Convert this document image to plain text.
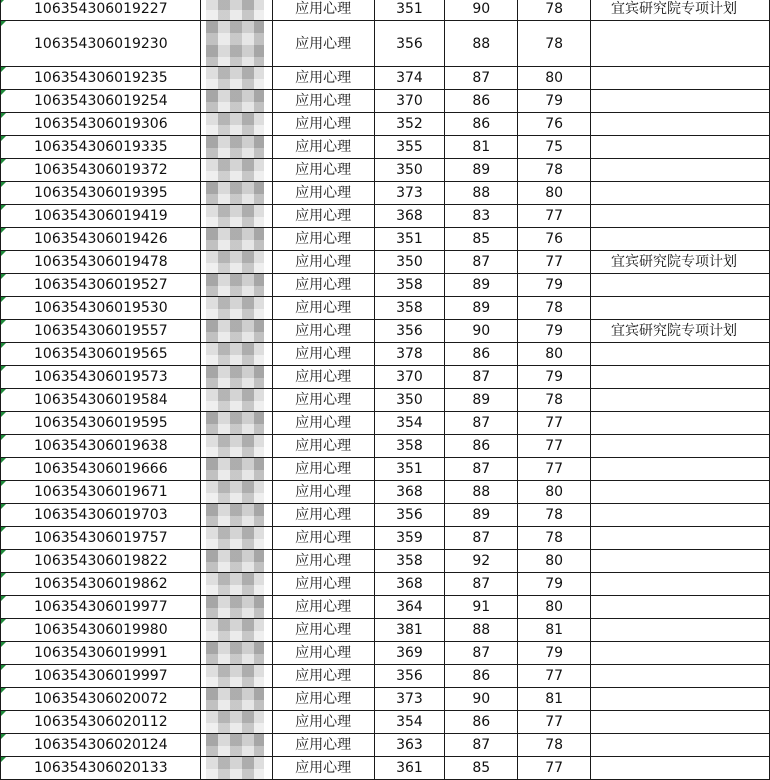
106354306019227		应用心理	351	90	78	宜宾研究院专项计划
106354306019230		应用心理	356	88	78	
106354306019235		应用心理	374	87	80	
106354306019254		应用心理	370	86	79	
106354306019306		应用心理	352	86	76	
106354306019335		应用心理	355	81	75	
106354306019372		应用心理	350	89	78	
106354306019395		应用心理	373	88	80	
106354306019419		应用心理	368	83	77	
106354306019426		应用心理	351	85	76	
106354306019478		应用心理	350	87	77	宜宾研究院专项计划
106354306019527		应用心理	358	89	79	
106354306019530		应用心理	358	89	78	
106354306019557		应用心理	356	90	79	宜宾研究院专项计划
106354306019565		应用心理	378	86	80	
106354306019573		应用心理	370	87	79	
106354306019584		应用心理	350	89	78	
106354306019595		应用心理	354	87	77	
106354306019638		应用心理	358	86	77	
106354306019666		应用心理	351	87	77	
106354306019671		应用心理	368	88	80	
106354306019703		应用心理	356	89	78	
106354306019757		应用心理	359	87	78	
106354306019822		应用心理	358	92	80	
106354306019862		应用心理	368	87	79	
106354306019977		应用心理	364	91	80	
106354306019980		应用心理	381	88	81	
106354306019991		应用心理	369	87	79	
106354306019997		应用心理	356	86	77	
106354306020072		应用心理	373	90	81	
106354306020112		应用心理	354	86	77	
106354306020124		应用心理	363	87	78	
106354306020133		应用心理	361	85	77	
